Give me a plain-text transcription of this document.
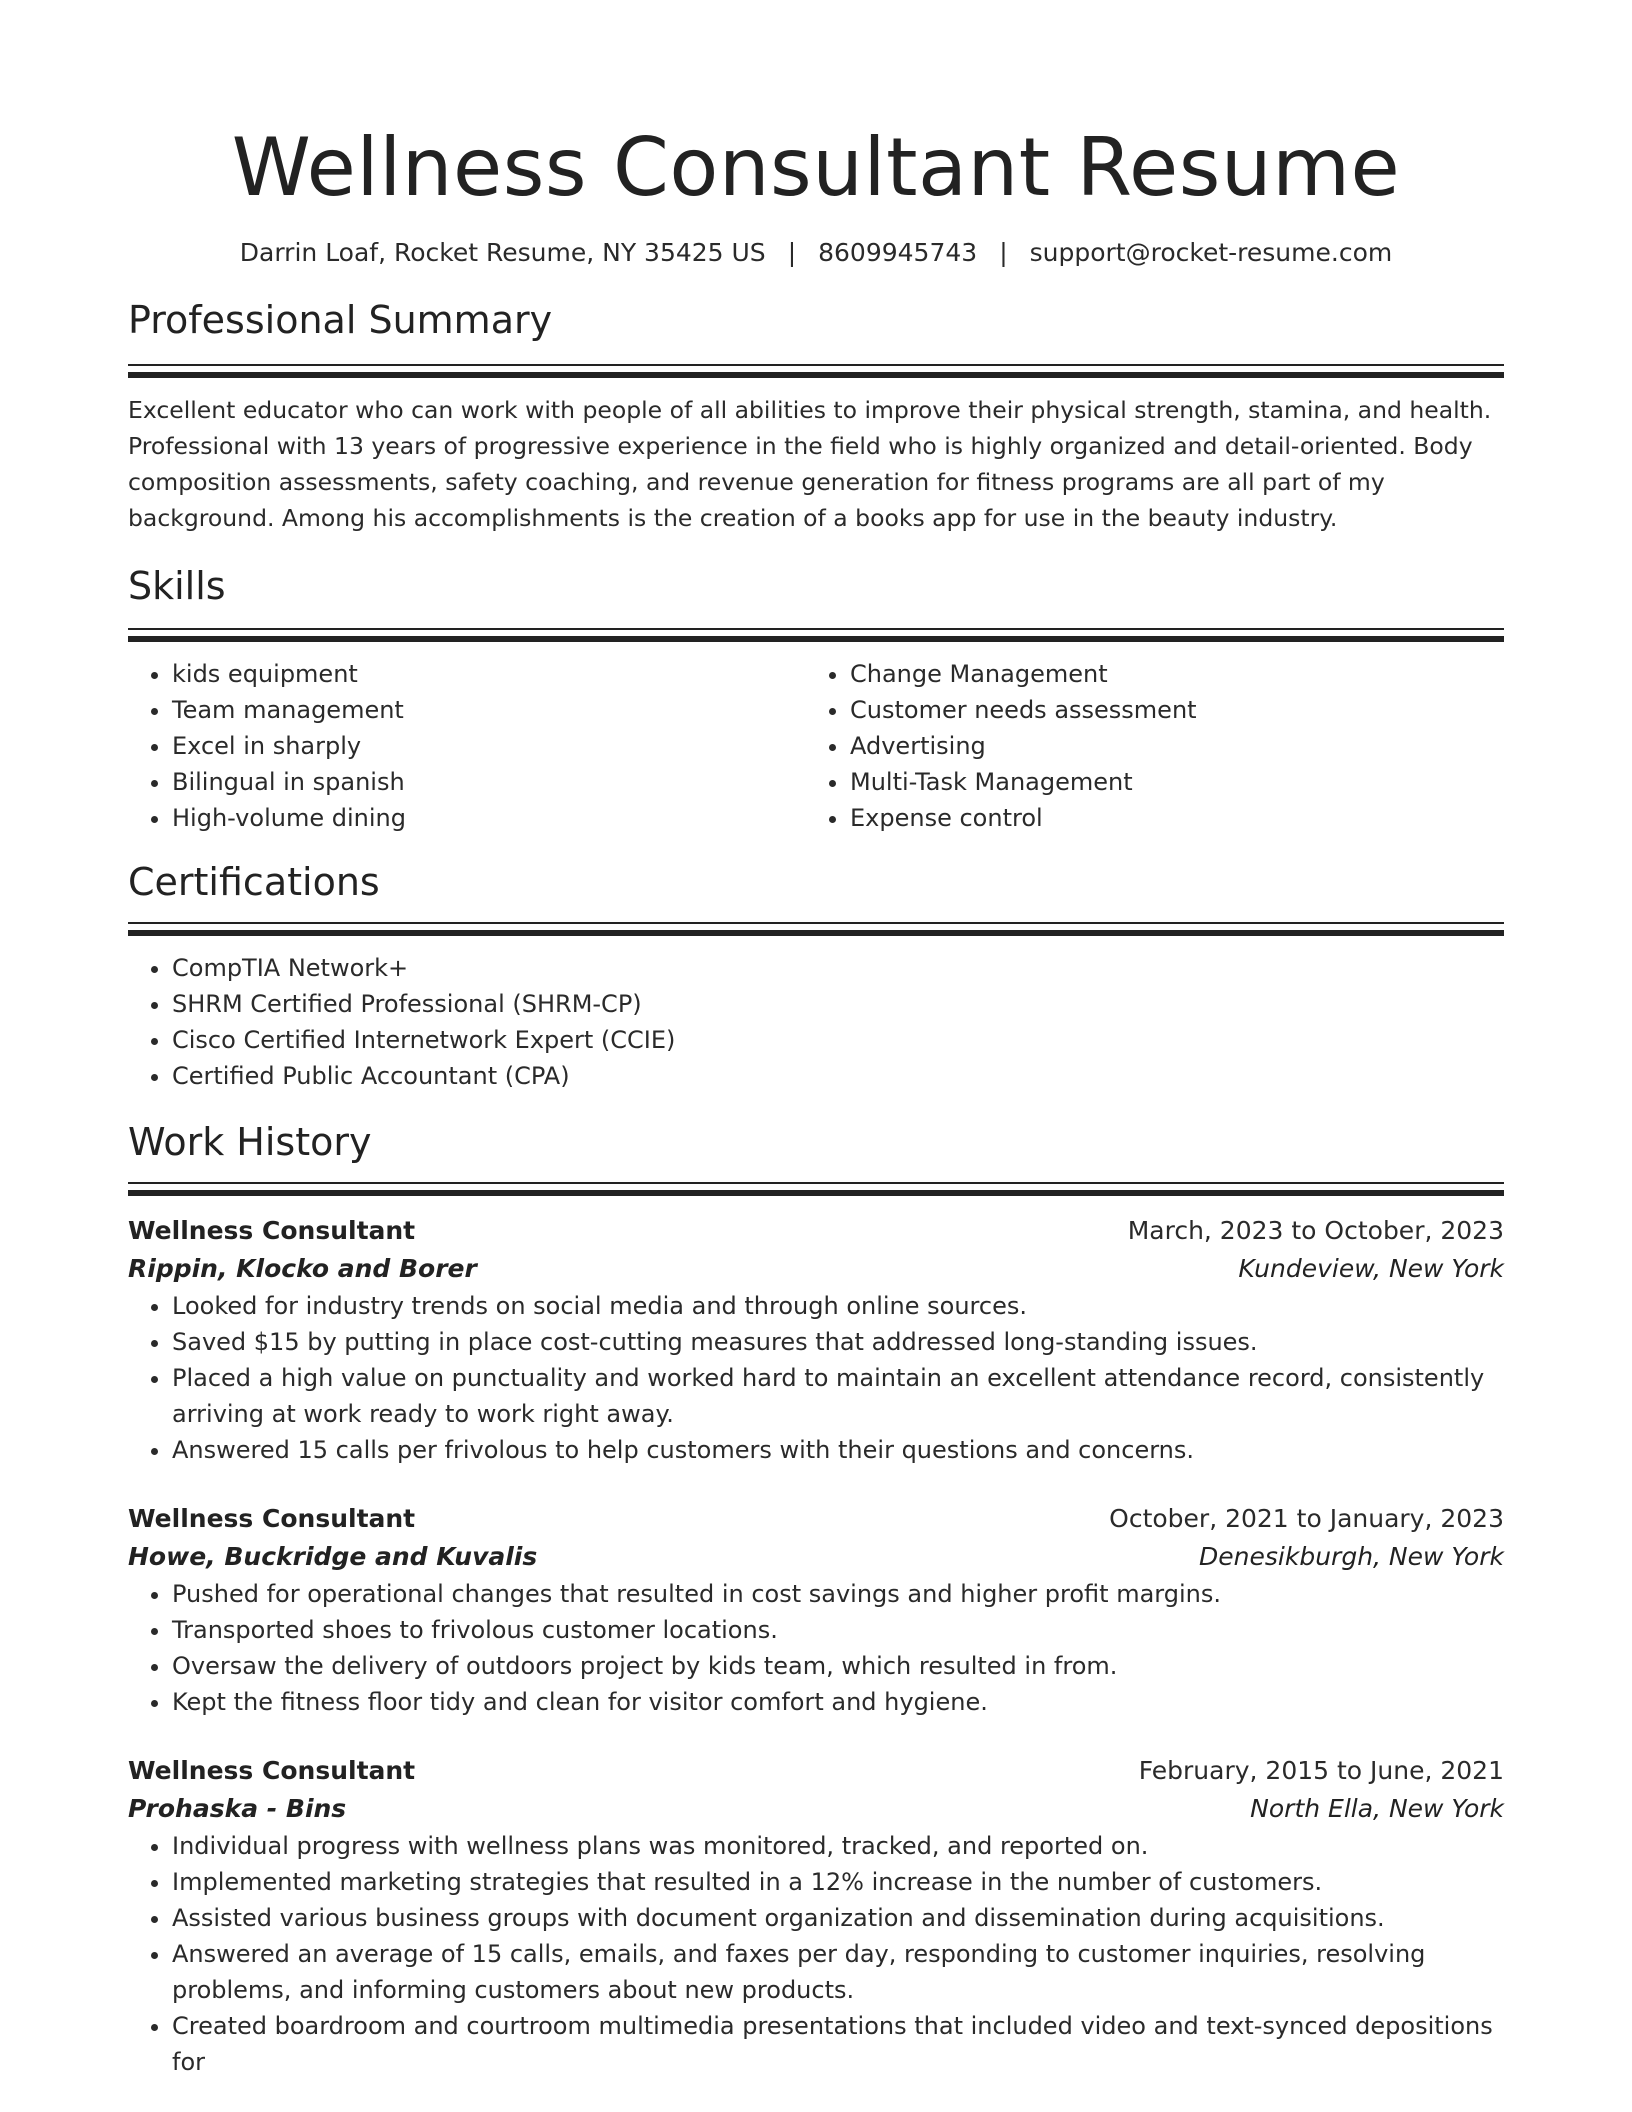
Wellness Consultant Resume
Darrin Loaf, Rocket Resume, NY 35425 US | 8609945743 | support@rocket-resume.com
Professional Summary

Excellent educator who can work with people of all abilities to improve their physical strength, stamina, and health. Professional with 13 years of progressive experience in the field who is highly organized and detail-oriented. Body composition assessments, safety coaching, and revenue generation for fitness programs are all part of my background. Among his accomplishments is the creation of a books app for use in the beauty industry.

Skills
• kids equipment
• Team management
• Excel in sharply
• Bilingual in spanish
• High-volume dining
• Change Management
• Customer needs assessment
• Advertising
• Multi-Task Management
• Expense control
Certifications
• CompTIA Network+
• SHRM Certified Professional (SHRM-CP)
• Cisco Certified Internetwork Expert (CCIE)
• Certified Public Accountant (CPA)
Work History
Wellness Consultant	March, 2023 to October, 2023
Rippin, Klocko and Borer	Kundeview, New York
• Looked for industry trends on social media and through online sources.
• Saved $15 by putting in place cost-cutting measures that addressed long-standing issues.
• Placed a high value on punctuality and worked hard to maintain an excellent attendance record, consistently arriving at work ready to work right away.
• Answered 15 calls per frivolous to help customers with their questions and concerns.
Wellness Consultant	October, 2021 to January, 2023
Howe, Buckridge and Kuvalis	Denesikburgh, New York
• Pushed for operational changes that resulted in cost savings and higher profit margins.
• Transported shoes to frivolous customer locations.
• Oversaw the delivery of outdoors project by kids team, which resulted in from.
• Kept the fitness floor tidy and clean for visitor comfort and hygiene.
Wellness Consultant	February, 2015 to June, 2021
Prohaska - Bins	North Ella, New York
• Individual progress with wellness plans was monitored, tracked, and reported on.
• Implemented marketing strategies that resulted in a 12% increase in the number of customers.
• Assisted various business groups with document organization and dissemination during acquisitions.
• Answered an average of 15 calls, emails, and faxes per day, responding to customer inquiries, resolving problems, and informing customers about new products.
• Created boardroom and courtroom multimedia presentations that included video and text-synced depositions for
